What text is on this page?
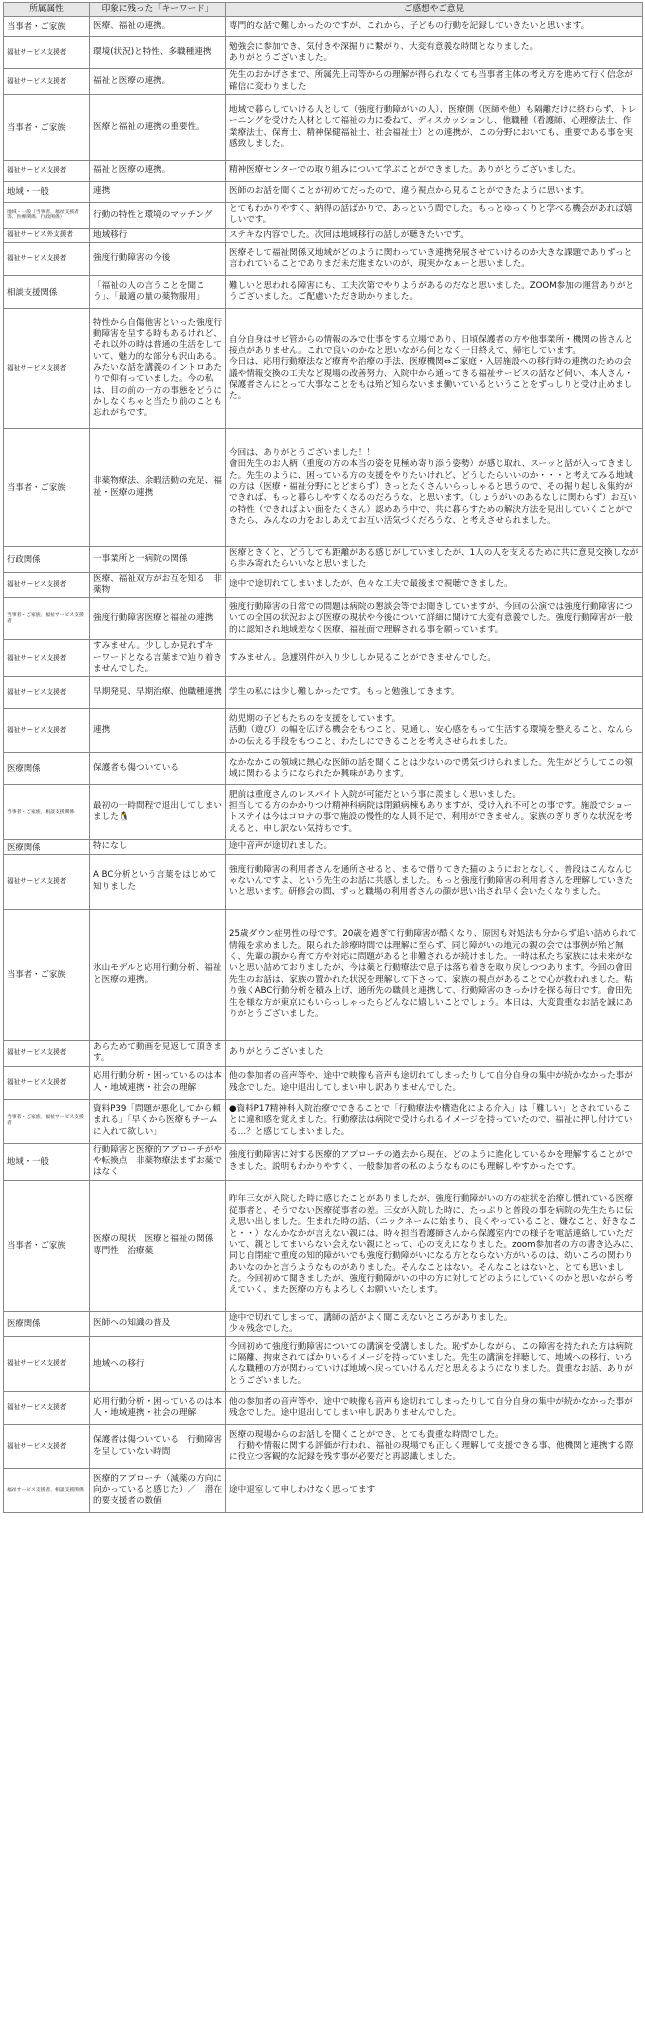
所属属性	印象に残った「キーワード」	ご感想やご意見
当事者・ご家族	医療、福祉の連携。	専門的な話で難しかったのですが、これから、子どもの行動を記録していきたいと思います。
福祉サービス支援者	環境(状況)と特性、多職種連携	勉強会に参加でき、気付きや深掘りに繋がり、大変有意義な時間となりました。
ありがとうございました。
福祉サービス支援者	福祉と医療の連携。	先生のおかげさまで、所属先上司等からの理解が得られなくても当事者主体の考え方を進めて行く信念が確信に変わりました
当事者・ご家族	医療と福祉の連携の重要性。	地域で暮らしていける人として（強度行動障がいの人）、医療側（医師や他）も隔離だけに終わらず、トレーニングを受けた人材として福祉の力に委ねて、ディスカッションし、他職種（看護師、心理療法士、作業療法士、保育士、精神保健福祉士、社会福祉士）との連携が、この分野においても、重要である事を実感致しました。
福祉サービス支援者	福祉と医療の連携。	精神医療センターでの取り組みについて学ぶことができました。ありがとうございました。
地域・一般	連携	医師のお話を聞くことが初めてだったので、違う視点から見ることができたように思います。
地域・一般（当事者、福祉支援者等、医療関係、行政関係）	行動の特性と環境のマッチング	とてもわかりやすく、納得の話ばかりで、あっという間でした。もっとゆっくりと学べる機会があれば嬉しいです。
福祉サービス外支援者	地域移行	ステキな内容でした。次回は地域移行の話しが聴きたいです。
福祉サービス支援者	強度行動障害の今後	医療そして福祉関係又地域がどのように関わっていき連携発展させていけるのか大きな課題でありずっと言われていることでありまだ未だ進まないのが、現実かなぁーと思いました。
相談支援関係	「福祉の人の言うことを聞こう」、「最適の量の薬物服用」	難しいと思われる障害にも、工夫次第でやりようがあるのだなと思いました。ZOOM参加の運営ありがとうございました。ご配慮いただき助かりました。
福祉サービス支援者	特性から自傷他害といった強度行動障害を呈する時もあるけれど、それ以外の時は普通の生活をしていて、魅力的な部分も沢山ある。みたいな話を講義のイントロあたりで仰有っていました。今の私は、目の前の一方の事態をどうにかしなくちゃと当たり前のことも忘れがちです。	自分自身はサビ管からの情報のみで仕事をする立場であり、日頃保護者の方や他事業所・機関の皆さんと接点がありません。これで良いのかなと思いながら何となく一日終えて、帰宅しています。
今日は、応用行動療法など療育や治療の手法、医療機関⇔ご家庭・入居施設への移行時の連携のための会議や情報交換の工夫など現場の改善努力、入院中から通ってきる福祉サービスの話など伺い、本人さん・保護者さんにとって大事なことをもは殆ど知らないまま働いているということをずっしりと受け止めました。
当事者・ご家族	非薬物療法、余暇活動の充足、福祉・医療の連携	今回は、ありがとうございました！！
會田先生のお人柄（重度の方の本当の姿を見極め寄り添う姿勢）が感じ取れ、スーッと話が入ってきました。先生のように、困っている方の支援をやりたいけれど、どうしたらいいのか・・・と考えてみる地域の方は（医療・福祉分野にとどまらず）きっとたくさんいらっしゃると思うので、その掘り起し＆集約ができれば、もっと暮らしやすくなるのだろうな、と思います。（しょうがいのあるなしに関わらず）お互いの特性（できればよい面をたくさん）認めあう中で、共に暮らすための解決方法を見出していくことができたら、みんなの力をおしあえてお互い活気づくだろうな、と考えさせられました。
行政関係	一事業所と一病院の関係	医療ときくと、どうしても距離がある感じがしていましたが、1人の人を支えるために共に意見交換しながら歩み寄れたらいいなと思いました
福祉サービス支援者	医療、福祉双方がお互を知る　非薬物	途中で途切れてしまいましたが、色々な工夫で最後まで視聴できました。
当事者・ご家族、福祉サービス支援者	強度行動障害医療と福祉の連携	強度行動障害の日常での問題は病院の懇談会等でお聞きしていますが、今回の公演では強度行動障害についての全国の状況および医療の現状や今後について詳細に聞けて大変有意義でした。強度行動障害が一般的に認知され地域差なく医療、福祉面で理解される事を願っています。
福祉サービス支援者	すみません。少ししか見れずキーワードとなる言葉まで辿り着きませんでした。	すみません。急遽別件が入り少ししか見ることができませんでした。
福祉サービス支援者	早期発見、早期治療、他職種連携	学生の私には少し難しかったです。もっと勉強してきます。
福祉サービス支援者	連携	幼児期の子どもたちのを支援をしています。
活動（遊び）の幅を広げる機会をもつこと、見通し、安心感をもって生活する環境を整えること、なんらかの伝える手段をもつこと、わたしにできることを考えさせられました。
医療関係	保護者も傷ついている	なかなかこの領域に熱心な医師の話を聞くことは少ないので勇気づけられました。先生がどうしてこの領域に関わるようになられたか興味があります。
当事者・ご家族、相談支援関係	最初の一時間程で退出してしまいました🐧	肥前は重度さんのレスパイト入院が可能だという事に羨ましく思いました。
担当してる方のかかりつけ精神科病院は閉鎖病棟もありますが、受け入れ不可との事です。施設でショートステイは今はコロナの事で施設の慢性的な人員不足で、利用ができません。家族のぎりぎりな状況を考えると、申し訳ない気持ちです。
医療関係	特になし	途中音声が途切れました。
福祉サービス支援者	A BC分析という言葉をはじめて知りました	強度行動障害の利用者さんを通所させると、まるで借りてきた猫のようにおとなしく、普段はこんなんじゃないんですよ、という先生のお話に共感しました。もっと強度行動障害の利用者さんを理解していきたいと思います。研修会の間、ずっと職場の利用者さんの顔が思い出され早く会いたくなりました。
当事者・ご家族	氷山モデルと応用行動分析、福祉と医療の連携。	25歳ダウン症男性の母です。20歳を過ぎて行動障害が酷くなり、原因も対処法も分からず追い詰められて情報を求めました。限られた診療時間では理解に至らず、同じ障がいの地元の親の会では事例が殆ど無く、先輩の親から育て方や対応に問題があると非難されるが続けました。一時は私たち家族には未来がないと思い詰めておりましたが、今は薬と行動療法で息子は落ち着きを取り戻しつつあります。今回の會田先生のお話は、家族の置かれた状況を理解して下さって、家族の視点があることで心が救われました。粘り強くABC行動分析を積み上げ、通所先の職員と連携して、行動障害のきっかけを探る毎日です。會田先生を様な方が東京にもいらっしゃったらどんなに嬉しいことでしょう。本日は、大変貴重なお話を誠にありがとうございました。
福祉サービス支援者	あらためて動画を見返して頂きます。	ありがとうございました
福祉サービス支援者	応用行動分析・困っているのは本人・地域連携・社会の理解	他の参加者の音声等や、途中で映像も音声も途切れてしまったりして自分自身の集中が続かなかった事が残念でした。途中退出してしまい申し訳ありませんでした。
当事者・ご家族、福祉サービス支援者	資料P39「問題が悪化してから頼まれる」「早くから医療もチームに入れて欲しい」	●資料P17精神科入院治療でできることで「行動療法や構造化による介入」は「難しい」とされていることに違和感を覚えました。行動療法は病院で受けられるイメージを持っていたので、福祉に押し付けている…？と感じてしまいました。
地域・一般	行動障害と医療的アプローチがやや転換点　非薬物療法まずお薬ではなく	強度行動障害に対する医療的アプローチの過去から現在、どのように進化しているかを理解することができました。説明もわかりやすく、一般参加者の私のようなものにも理解しやすかったです。
当事者・ご家族	医療の現状　医療と福祉の関係　専門性　治療薬	昨年三女が入院した時に感じたことがありましたが、強度行動障がいの方の症状を治療し慣れている医療従事者と、そうでない医療従事者の差。三女が入院した時に、たっぷりと普段の事を病院の先生たちに伝え思い出しました。生まれた時の話、（ニックネームに始まり、良くやっていること、嫌なこと、好きなこと・・）なんかなかが言えない親には、時々担当看護師さんから保護室内での様子を電話連絡していただいて、親としてまいらない会えない親にとって、心の支えになりました。zoom参加者の方の書き込みに、同じ自閉症で重度の知的障がいでも強度行動障がいになる方とならない方がいるのは、幼いころの関わりあいなのかと言うようなものがありました。そんなことはない。そんなことはないと、とても思いました。今回初めて聞きましたが、強度行動障がいの中の方に対してどのようにしていくのかと思いながら考えていく、また医療の方もよろしくお願いいたします。
医療関係	医師への知識の普及	途中で切れてしまって、講師の話がよく聞こえないところがありました。
少々残念でした。
福祉サービス支援者	地域への移行	今回初めて強度行動障害についての講演を受講しました。恥ずかしながら、この障害を持たれた方は病院に隔離、拘束されてばかりいるイメージを持っていました。先生の講演を拝聴して、地域への移行、いろんな職種の方が関わっていけば地域へ戻っていけるんだと思えるようになりました。貴重なお話、ありがとうございました。
福祉サービス支援者	応用行動分析・困っているのは本人・地域連携・社会の理解	他の参加者の音声等や、途中で映像も音声も途切れてしまったりして自分自身の集中が続かなかった事が残念でした。途中退出してしまい申し訳ありませんでした。
福祉サービス支援者	保護者は傷ついている　行動障害を呈していない時間	医療の現場からのお話しを聞くことができ、とても貴重な時間でした。
　行動や情報に関する評価が行われ、福祉の現場でも正しく理解して支援できる事、他機関と連携する際に役立つ客観的な記録を残す事が必要だと再認識しました。
福祉サービス支援者、相談支援関係	医療的アプローチ（減薬の方向に向かっていると感じた）／　潜在的要支援者の数値	途中退室して申しわけなく思ってます
